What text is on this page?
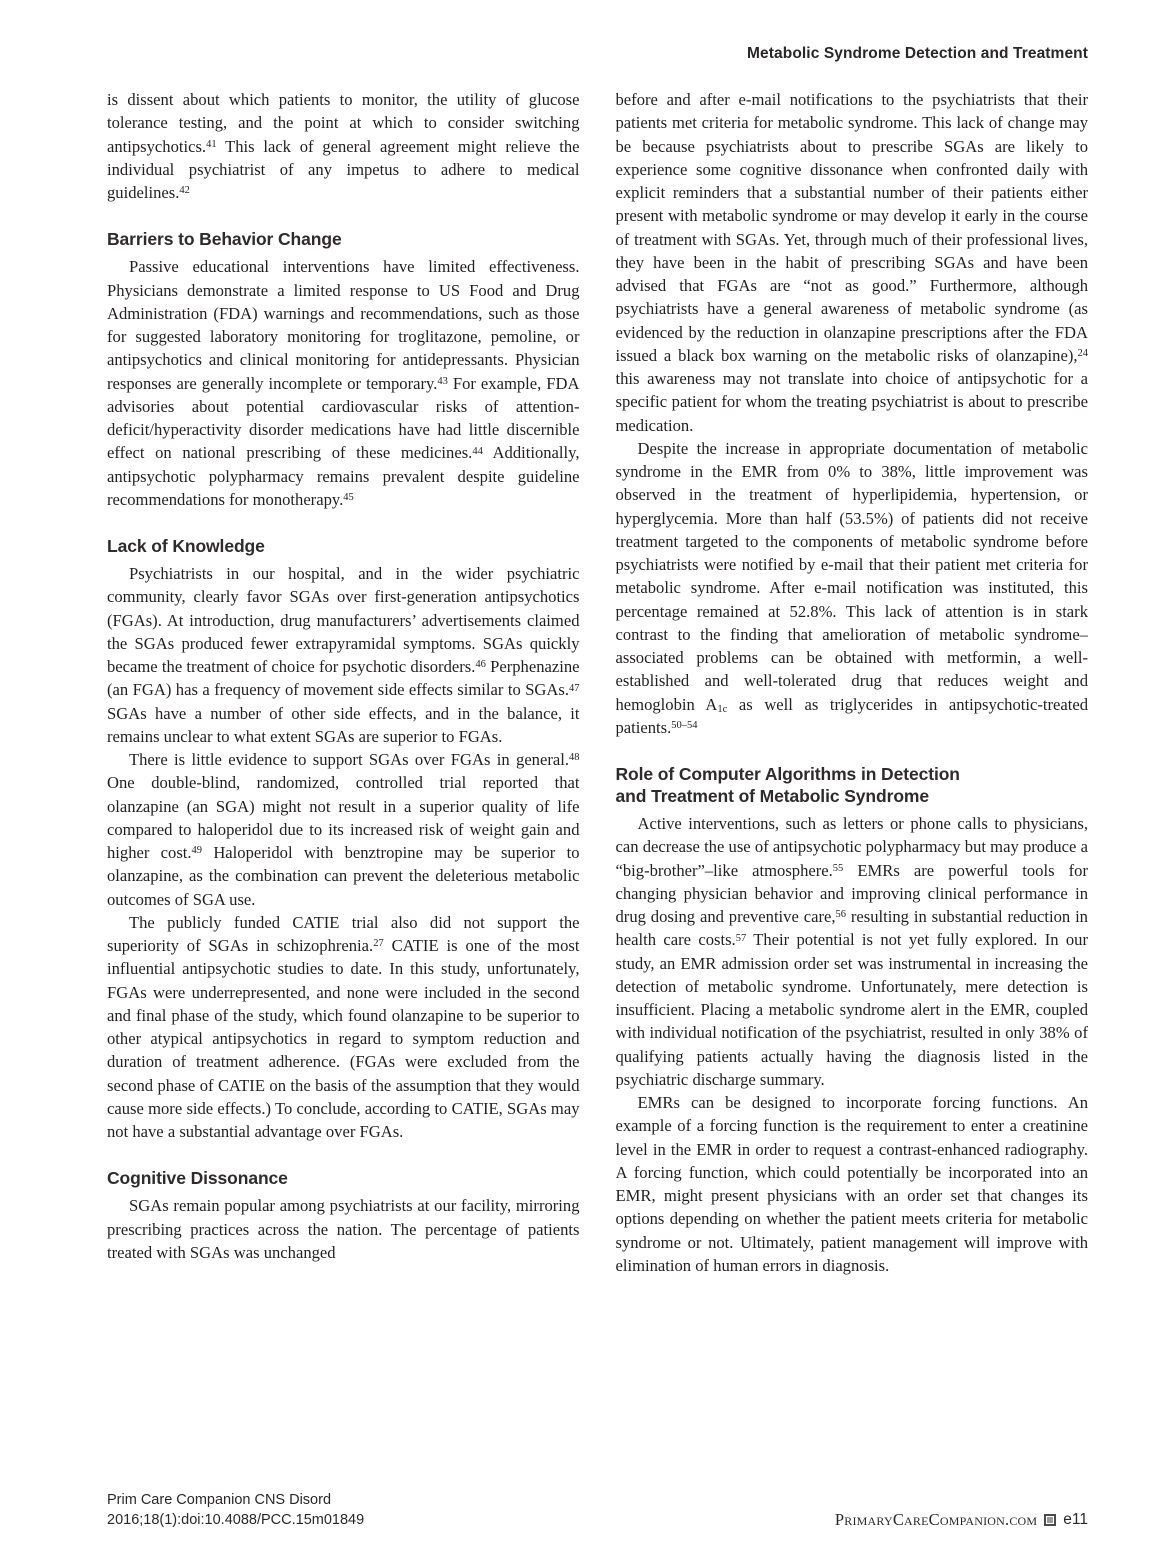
Metabolic Syndrome Detection and Treatment

is dissent about which patients to monitor, the utility of glucose tolerance testing, and the point at which to consider switching antipsychotics.$^{41}$ This lack of general agreement might relieve the individual psychiatrist of any impetus to adhere to medical guidelines.$^{42}$

Barriers to Behavior Change

Passive educational interventions have limited effectiveness. Physicians demonstrate a limited response to US Food and Drug Administration (FDA) warnings and recommendations, such as those for suggested laboratory monitoring for troglitazone, pemoline, or antipsychotics and clinical monitoring for antidepressants. Physician responses are generally incomplete or temporary.$^{43}$ For example, FDA advisories about potential cardiovascular risks of attention-deficit/hyperactivity disorder medications have had little discernible effect on national prescribing of these medicines.$^{44}$ Additionally, antipsychotic polypharmacy remains prevalent despite guideline recommendations for monotherapy.$^{45}$

Lack of Knowledge

Psychiatrists in our hospital, and in the wider psychiatric community, clearly favor SGAs over first-generation antipsychotics (FGAs). At introduction, drug manufacturers’ advertisements claimed the SGAs produced fewer extrapyramidal symptoms. SGAs quickly became the treatment of choice for psychotic disorders.$^{46}$ Perphenazine (an FGA) has a frequency of movement side effects similar to SGAs.$^{47}$ SGAs have a number of other side effects, and in the balance, it remains unclear to what extent SGAs are superior to FGAs.

There is little evidence to support SGAs over FGAs in general.$^{48}$ One double-blind, randomized, controlled trial reported that olanzapine (an SGA) might not result in a superior quality of life compared to haloperidol due to its increased risk of weight gain and higher cost.$^{49}$ Haloperidol with benztropine may be superior to olanzapine, as the combination can prevent the deleterious metabolic outcomes of SGA use.

The publicly funded CATIE trial also did not support the superiority of SGAs in schizophrenia.$^{27}$ CATIE is one of the most influential antipsychotic studies to date. In this study, unfortunately, FGAs were underrepresented, and none were included in the second and final phase of the study, which found olanzapine to be superior to other atypical antipsychotics in regard to symptom reduction and duration of treatment adherence. (FGAs were excluded from the second phase of CATIE on the basis of the assumption that they would cause more side effects.) To conclude, according to CATIE, SGAs may not have a substantial advantage over FGAs.

Cognitive Dissonance

SGAs remain popular among psychiatrists at our facility, mirroring prescribing practices across the nation. The percentage of patients treated with SGAs was unchanged

before and after e-mail notifications to the psychiatrists that their patients met criteria for metabolic syndrome. This lack of change may be because psychiatrists about to prescribe SGAs are likely to experience some cognitive dissonance when confronted daily with explicit reminders that a substantial number of their patients either present with metabolic syndrome or may develop it early in the course of treatment with SGAs. Yet, through much of their professional lives, they have been in the habit of prescribing SGAs and have been advised that FGAs are “not as good.” Furthermore, although psychiatrists have a general awareness of metabolic syndrome (as evidenced by the reduction in olanzapine prescriptions after the FDA issued a black box warning on the metabolic risks of olanzapine),$^{24}$ this awareness may not translate into choice of antipsychotic for a specific patient for whom the treating psychiatrist is about to prescribe medication.

Despite the increase in appropriate documentation of metabolic syndrome in the EMR from 0% to 38%, little improvement was observed in the treatment of hyperlipidemia, hypertension, or hyperglycemia. More than half (53.5%) of patients did not receive treatment targeted to the components of metabolic syndrome before psychiatrists were notified by e-mail that their patient met criteria for metabolic syndrome. After e-mail notification was instituted, this percentage remained at 52.8%. This lack of attention is in stark contrast to the finding that amelioration of metabolic syndrome–associated problems can be obtained with metformin, a well-established and well-tolerated drug that reduces weight and hemoglobin $A_{1c}$ as well as triglycerides in antipsychotic-treated patients.$^{50-54}$

Role of Computer Algorithms in Detection
and Treatment of Metabolic Syndrome

Active interventions, such as letters or phone calls to physicians, can decrease the use of antipsychotic polypharmacy but may produce a “big-brother”–like atmosphere.$^{55}$ EMRs are powerful tools for changing physician behavior and improving clinical performance in drug dosing and preventive care,$^{56}$ resulting in substantial reduction in health care costs.$^{57}$ Their potential is not yet fully explored. In our study, an EMR admission order set was instrumental in increasing the detection of metabolic syndrome. Unfortunately, mere detection is insufficient. Placing a metabolic syndrome alert in the EMR, coupled with individual notification of the psychiatrist, resulted in only 38% of qualifying patients actually having the diagnosis listed in the psychiatric discharge summary.

EMRs can be designed to incorporate forcing functions. An example of a forcing function is the requirement to enter a creatinine level in the EMR in order to request a contrast-enhanced radiography. A forcing function, which could potentially be incorporated into an EMR, might present physicians with an order set that changes its options depending on whether the patient meets criteria for metabolic syndrome or not. Ultimately, patient management will improve with elimination of human errors in diagnosis.

Prim Care Companion CNS Disord
2016;18(1):doi:10.4088/PCC.15m01849	PrimaryCareCompanion.com e11
